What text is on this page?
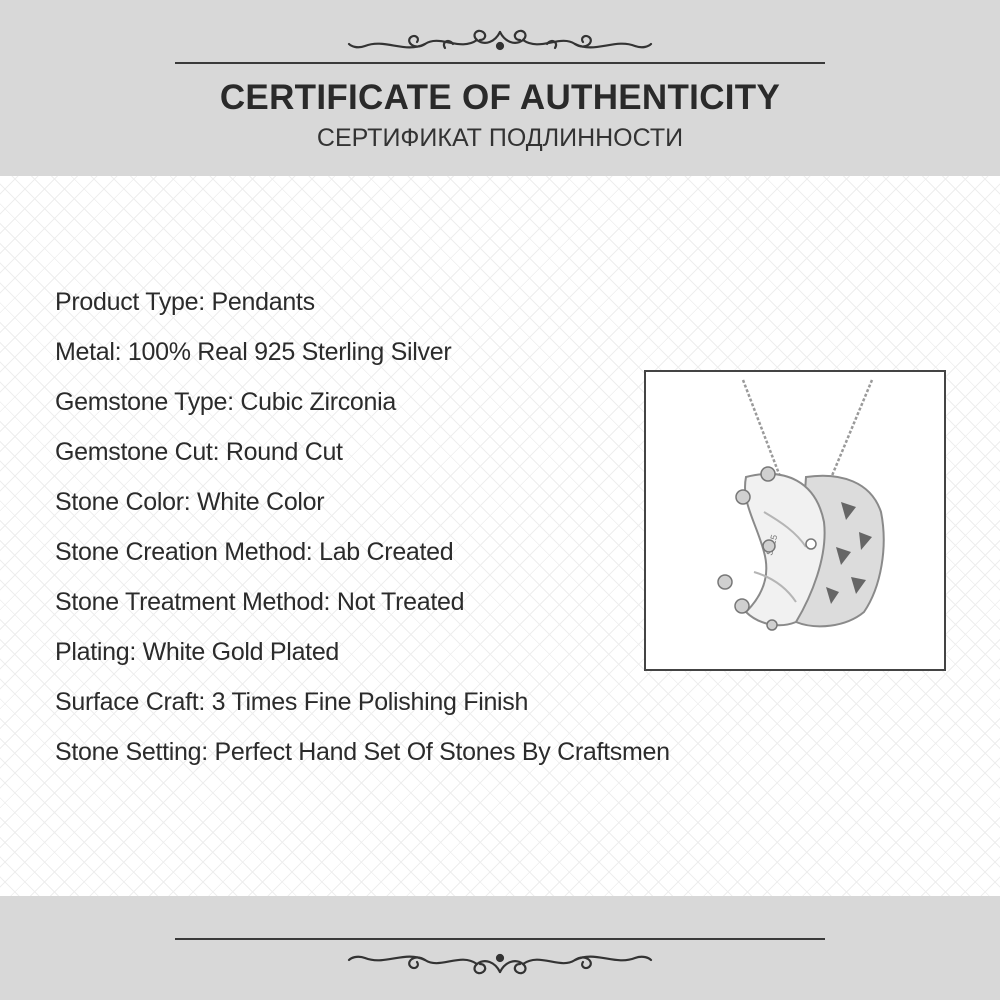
CERTIFICATE OF AUTHENTICITY
СЕРТИФИКАТ ПОДЛИННОСТИ
Product Type: Pendants
Metal: 100% Real 925 Sterling Silver
Gemstone Type: Cubic Zirconia
Gemstone Cut: Round Cut
Stone Color: White Color
Stone Creation Method: Lab Created
Stone Treatment Method: Not Treated
Plating: White Gold Plated
Surface Craft: 3 Times Fine Polishing Finish
Stone Setting: Perfect Hand Set Of Stones By Craftsmen
